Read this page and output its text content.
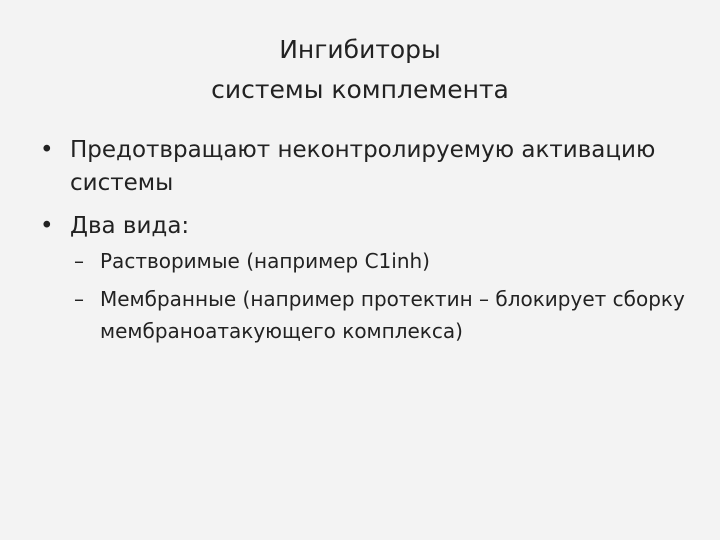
Ингибиторы
системы комплемента
• Предотвращают неконтролируемую активацию системы
• Два вида:
– Растворимые (например C1inh)
– Мембранные (например протектин – блокирует сборку мембраноатакующего комплекса)
